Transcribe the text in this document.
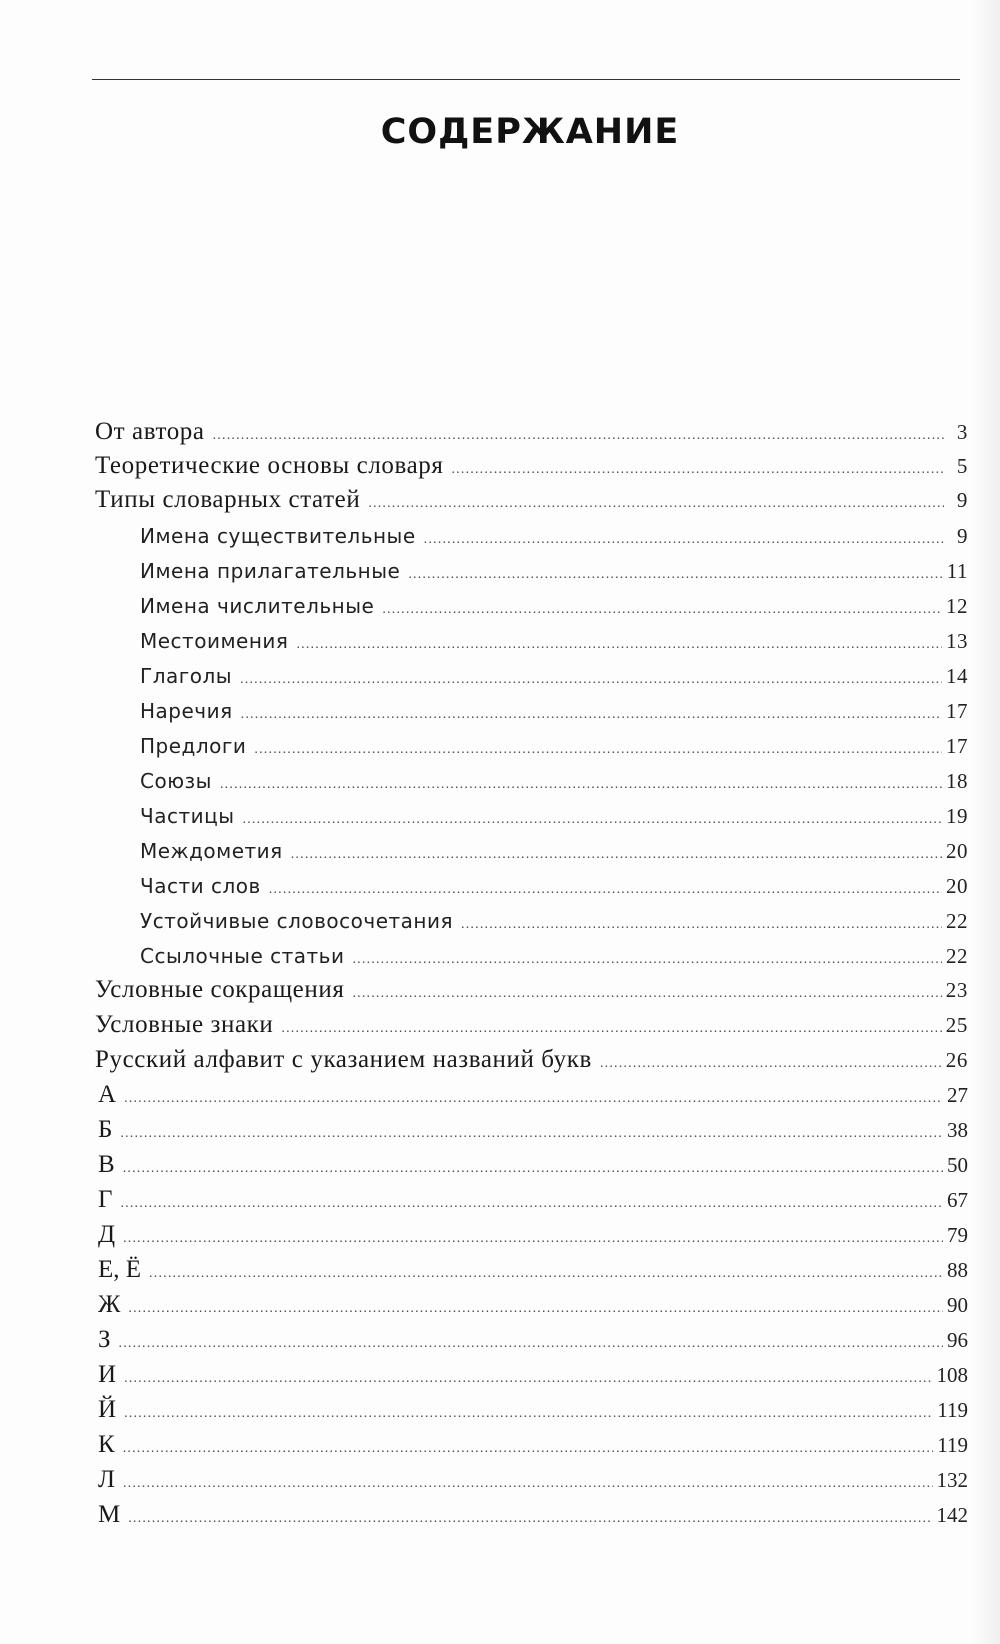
СОДЕРЖАНИЕ
От автора .....	3
Теоретические основы словаря .....	5
Типы словарных статей .....	9
Имена существительные .....	9
Имена прилагательные .....	11
Имена числительные .....	12
Местоимения .....	13
Глаголы .....	14
Наречия .....	17
Предлоги .....	17
Союзы .....	18
Частицы .....	19
Междометия .....	20
Части слов .....	20
Устойчивые словосочетания .....	22
Ссылочные статьи .....	22
Условные сокращения .....	23
Условные знаки .....	25
Русский алфавит с указанием названий букв .....	26
А .....	27
Б .....	38
В .....	50
Г .....	67
Д .....	79
Е, Ё .....	88
Ж .....	90
З .....	96
И .....	108
Й .....	119
К .....	119
Л .....	132
М .....	142
